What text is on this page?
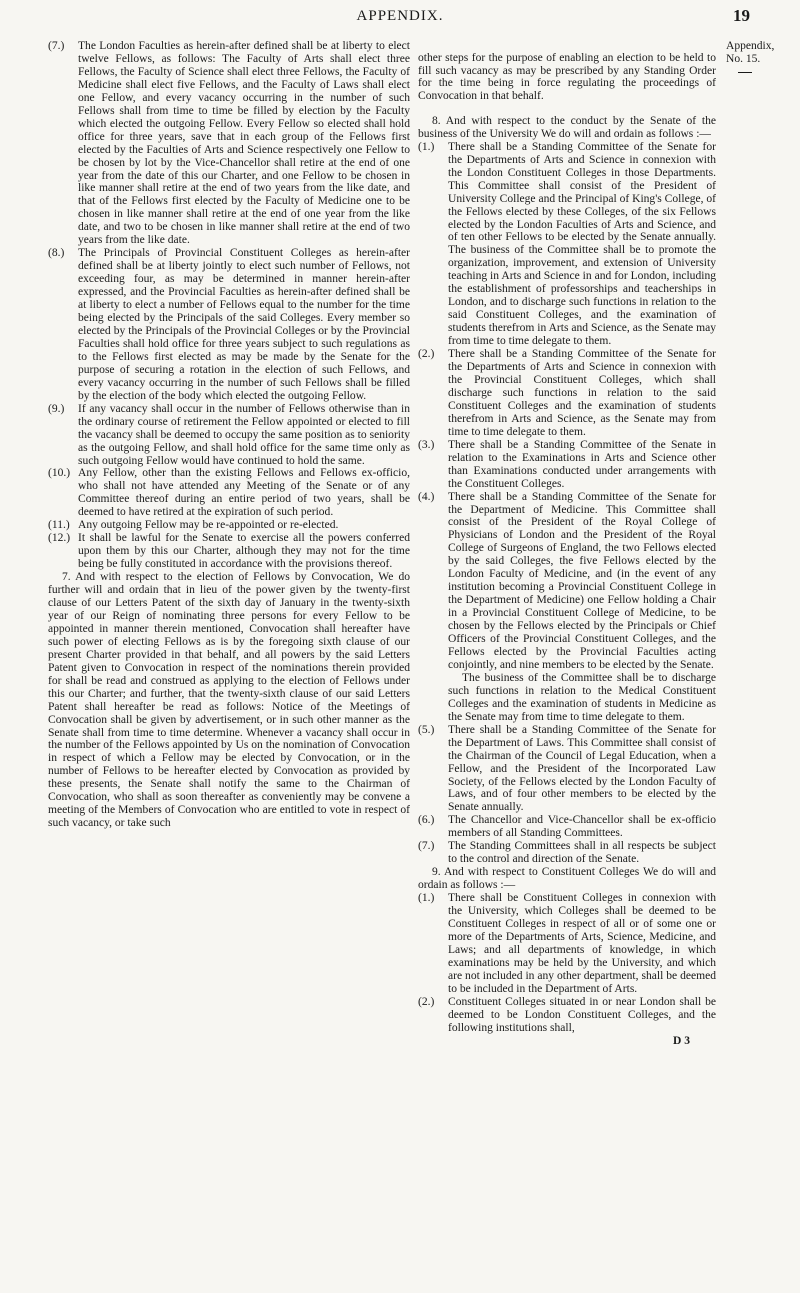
APPENDIX.	19

(7.) The London Faculties as herein-after defined shall be at liberty to elect twelve Fellows, as follows: The Faculty of Arts shall elect three Fellows, the Faculty of Science shall elect three Fellows, the Faculty of Medicine shall elect five Fellows, and the Faculty of Laws shall elect one Fellow, and every vacancy occurring in the number of such Fellows shall from time to time be filled by election by the Faculty which elected the outgoing Fellow. Every Fellow so elected shall hold office for three years, save that in each group of the Fellows first elected by the Faculties of Arts and Science respectively one Fellow to be chosen by lot by the Vice-Chancellor shall retire at the end of one year from the date of this our Charter, and one Fellow to be chosen in like manner shall retire at the end of two years from the like date, and that of the Fellows first elected by the Faculty of Medicine one to be chosen in like manner shall retire at the end of one year from the like date, and two to be chosen in like manner shall retire at the end of two years from the like date.

(8.) The Principals of Provincial Constituent Colleges as herein-after defined shall be at liberty jointly to elect such number of Fellows, not exceeding four, as may be determined in manner herein-after expressed, and the Provincial Faculties as herein-after defined shall be at liberty to elect a number of Fellows equal to the number for the time being elected by the Principals of the said Colleges. Every member so elected by the Principals of the Provincial Colleges or by the Provincial Faculties shall hold office for three years subject to such regulations as to the Fellows first elected as may be made by the Senate for the purpose of securing a rotation in the election of such Fellows, and every vacancy occurring in the number of such Fellows shall be filled by the election of the body which elected the outgoing Fellow.

(9.) If any vacancy shall occur in the number of Fellows otherwise than in the ordinary course of retirement the Fellow appointed or elected to fill the vacancy shall be deemed to occupy the same position as to seniority as the outgoing Fellow, and shall hold office for the same time only as such outgoing Fellow would have continued to hold the same.

(10.) Any Fellow, other than the existing Fellows and Fellows ex-officio, who shall not have attended any Meeting of the Senate or of any Committee thereof during an entire period of two years, shall be deemed to have retired at the expiration of such period.

(11.) Any outgoing Fellow may be re-appointed or re-elected.

(12.) It shall be lawful for the Senate to exercise all the powers conferred upon them by this our Charter, although they may not for the time being be fully constituted in accordance with the provisions thereof.

7. And with respect to the election of Fellows by Convocation, We do further will and ordain that in lieu of the power given by the twenty-first clause of our Letters Patent of the sixth day of January in the twenty-sixth year of our Reign of nominating three persons for every Fellow to be appointed in manner therein mentioned, Convocation shall hereafter have such power of electing Fellows as is by the foregoing sixth clause of our present Charter provided in that behalf, and all powers by the said Letters Patent given to Convocation in respect of the nominations therein provided for shall be read and construed as applying to the election of Fellows under this our Charter; and further, that the twenty-sixth clause of our said Letters Patent shall hereafter be read as follows: Notice of the Meetings of Convocation shall be given by advertisement, or in such other manner as the Senate shall from time to time determine. Whenever a vacancy shall occur in the number of the Fellows appointed by Us on the nomination of Convocation in respect of which a Fellow may be elected by Convocation, or in the number of Fellows to be hereafter elected by Convocation as provided by these presents, the Senate shall notify the same to the Chairman of Convocation, who shall as soon thereafter as conveniently may be convene a meeting of the Members of Convocation who are entitled to vote in respect of such vacancy, or take such

other steps for the purpose of enabling an election to be held to fill such vacancy as may be prescribed by any Standing Order for the time being in force regulating the proceedings of Convocation in that behalf.

8. And with respect to the conduct by the Senate of the business of the University We do will and ordain as follows :—

(1.) There shall be a Standing Committee of the Senate for the Departments of Arts and Science in connexion with the London Constituent Colleges in those Departments. This Committee shall consist of the President of University College and the Principal of King's College, of the Fellows elected by these Colleges, of the six Fellows elected by the London Faculties of Arts and Science, and of ten other Fellows to be elected by the Senate annually. The business of the Committee shall be to promote the organization, improvement, and extension of University teaching in Arts and Science in and for London, including the establishment of professorships and teacherships in London, and to discharge such functions in relation to the said Constituent Colleges, and the examination of students therefrom in Arts and Science, as the Senate may from time to time delegate to them.

(2.) There shall be a Standing Committee of the Senate for the Departments of Arts and Science in connexion with the Provincial Constituent Colleges, which shall discharge such functions in relation to the said Constituent Colleges and the examination of students therefrom in Arts and Science, as the Senate may from time to time delegate to them.

(3.) There shall be a Standing Committee of the Senate in relation to the Examinations in Arts and Science other than Examinations conducted under arrangements with the Constituent Colleges.

(4.) There shall be a Standing Committee of the Senate for the Department of Medicine. This Committee shall consist of the President of the Royal College of Physicians of London and the President of the Royal College of Surgeons of England, the two Fellows elected by the said Colleges, the five Fellows elected by the London Faculty of Medicine, and (in the event of any institution becoming a Provincial Constituent College in the Department of Medicine) one Fellow holding a Chair in a Provincial Constituent College of Medicine, to be chosen by the Fellows elected by the Principals or Chief Officers of the Provincial Constituent Colleges, and the Fellows elected by the Provincial Faculties acting conjointly, and nine members to be elected by the Senate.

The business of the Committee shall be to discharge such functions in relation to the Medical Constituent Colleges and the examination of students in Medicine as the Senate may from time to time delegate to them.

(5.) There shall be a Standing Committee of the Senate for the Department of Laws. This Committee shall consist of the Chairman of the Council of Legal Education, when a Fellow, and the President of the Incorporated Law Society, of the Fellows elected by the London Faculty of Laws, and of four other members to be elected by the Senate annually.

(6.) The Chancellor and Vice-Chancellor shall be ex-officio members of all Standing Committees.

(7.) The Standing Committees shall in all respects be subject to the control and direction of the Senate.

9. And with respect to Constituent Colleges We do will and ordain as follows :—

(1.) There shall be Constituent Colleges in connexion with the University, which Colleges shall be deemed to be Constituent Colleges in respect of all or of some one or more of the Departments of Arts, Science, Medicine, and Laws; and all departments of knowledge, in which examinations may be held by the University, and which are not included in any other department, shall be deemed to be included in the Department of Arts.

(2.) Constituent Colleges situated in or near London shall be deemed to be London Constituent Colleges, and the following institutions shall,

D 3

Appendix,
No. 15.
